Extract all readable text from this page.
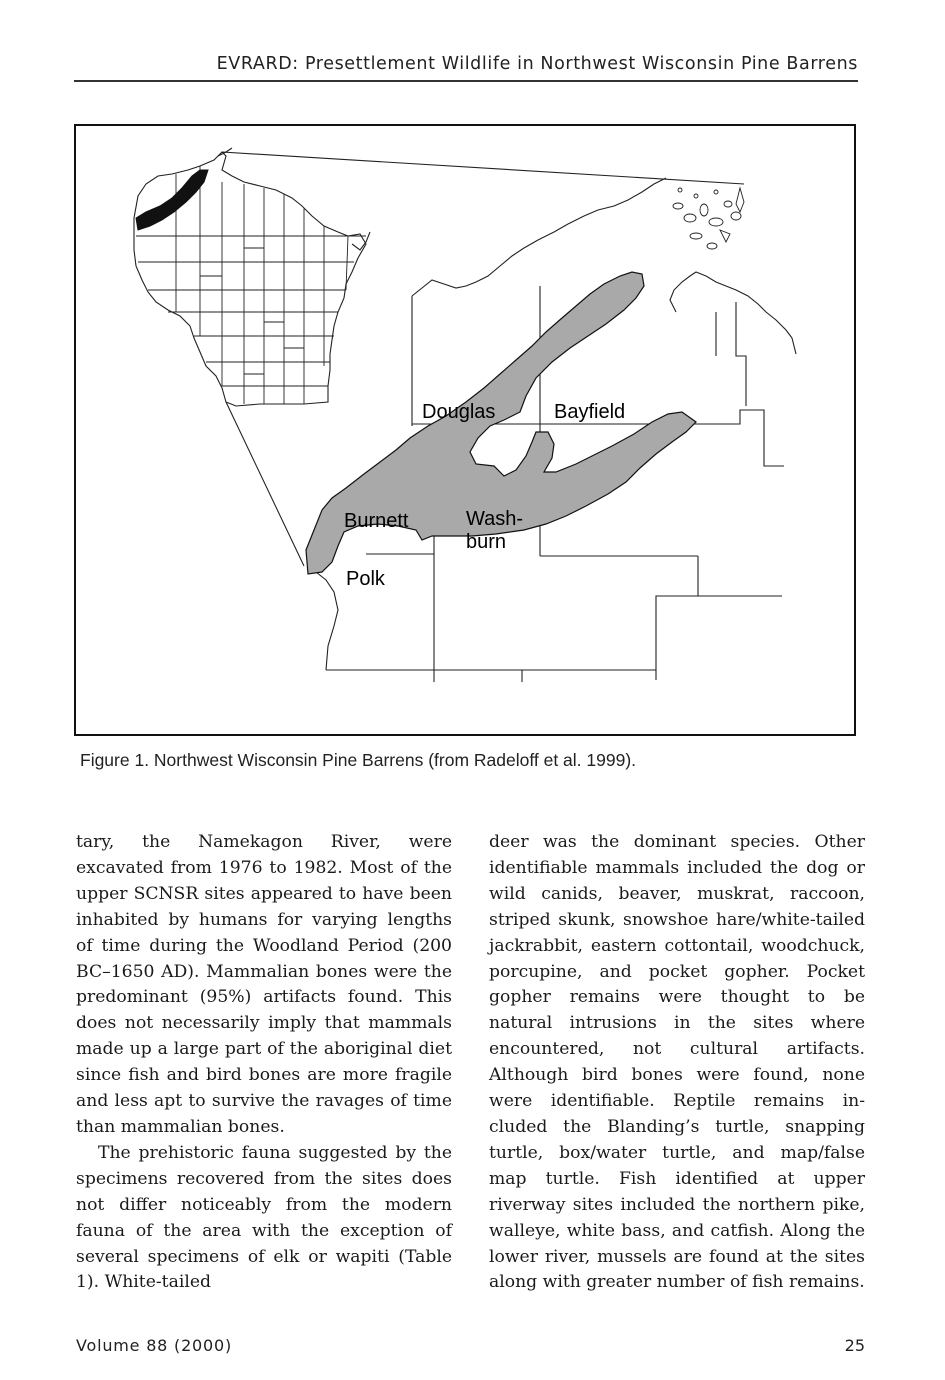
EVRARD: Presettlement Wildlife in Northwest Wisconsin Pine Barrens
Douglas	Bayfield
Burnett	Wash-
burn
Polk
Figure 1. Northwest Wisconsin Pine Barrens (from Radeloff et al. 1999).

tary, the Namekagon River, were excavated from 1976 to 1982. Most of the upper SCNSR sites appeared to have been inhabited by humans for varying lengths of time during the Woodland Period (200 BC–1650 AD). Mammalian bones were the predominant (95%) artifacts found. This does not necessarily imply that mammals made up a large part of the aboriginal diet since fish and bird bones are more fragile and less apt to survive the ravages of time than mammalian bones.

The prehistoric fauna suggested by the specimens recovered from the sites does not differ noticeably from the modern fauna of the area with the exception of several specimens of elk or wapiti (Table 1). White-tailed

deer was the dominant species. Other identifiable mammals included the dog or wild canids, beaver, muskrat, raccoon, striped skunk, snowshoe hare/white-tailed jackrabbit, eastern cottontail, woodchuck, porcupine, and pocket gopher. Pocket gopher remains were thought to be natural intrusions in the sites where encountered, not cultural artifacts. Although bird bones were found, none were identifiable. Reptile remains included the Blanding’s turtle, snapping turtle, box/water turtle, and map/false map turtle. Fish identified at upper riverway sites included the northern pike, walleye, white bass, and catfish. Along the lower river, mussels are found at the sites along with greater number of fish remains.

Volume 88 (2000)	25
